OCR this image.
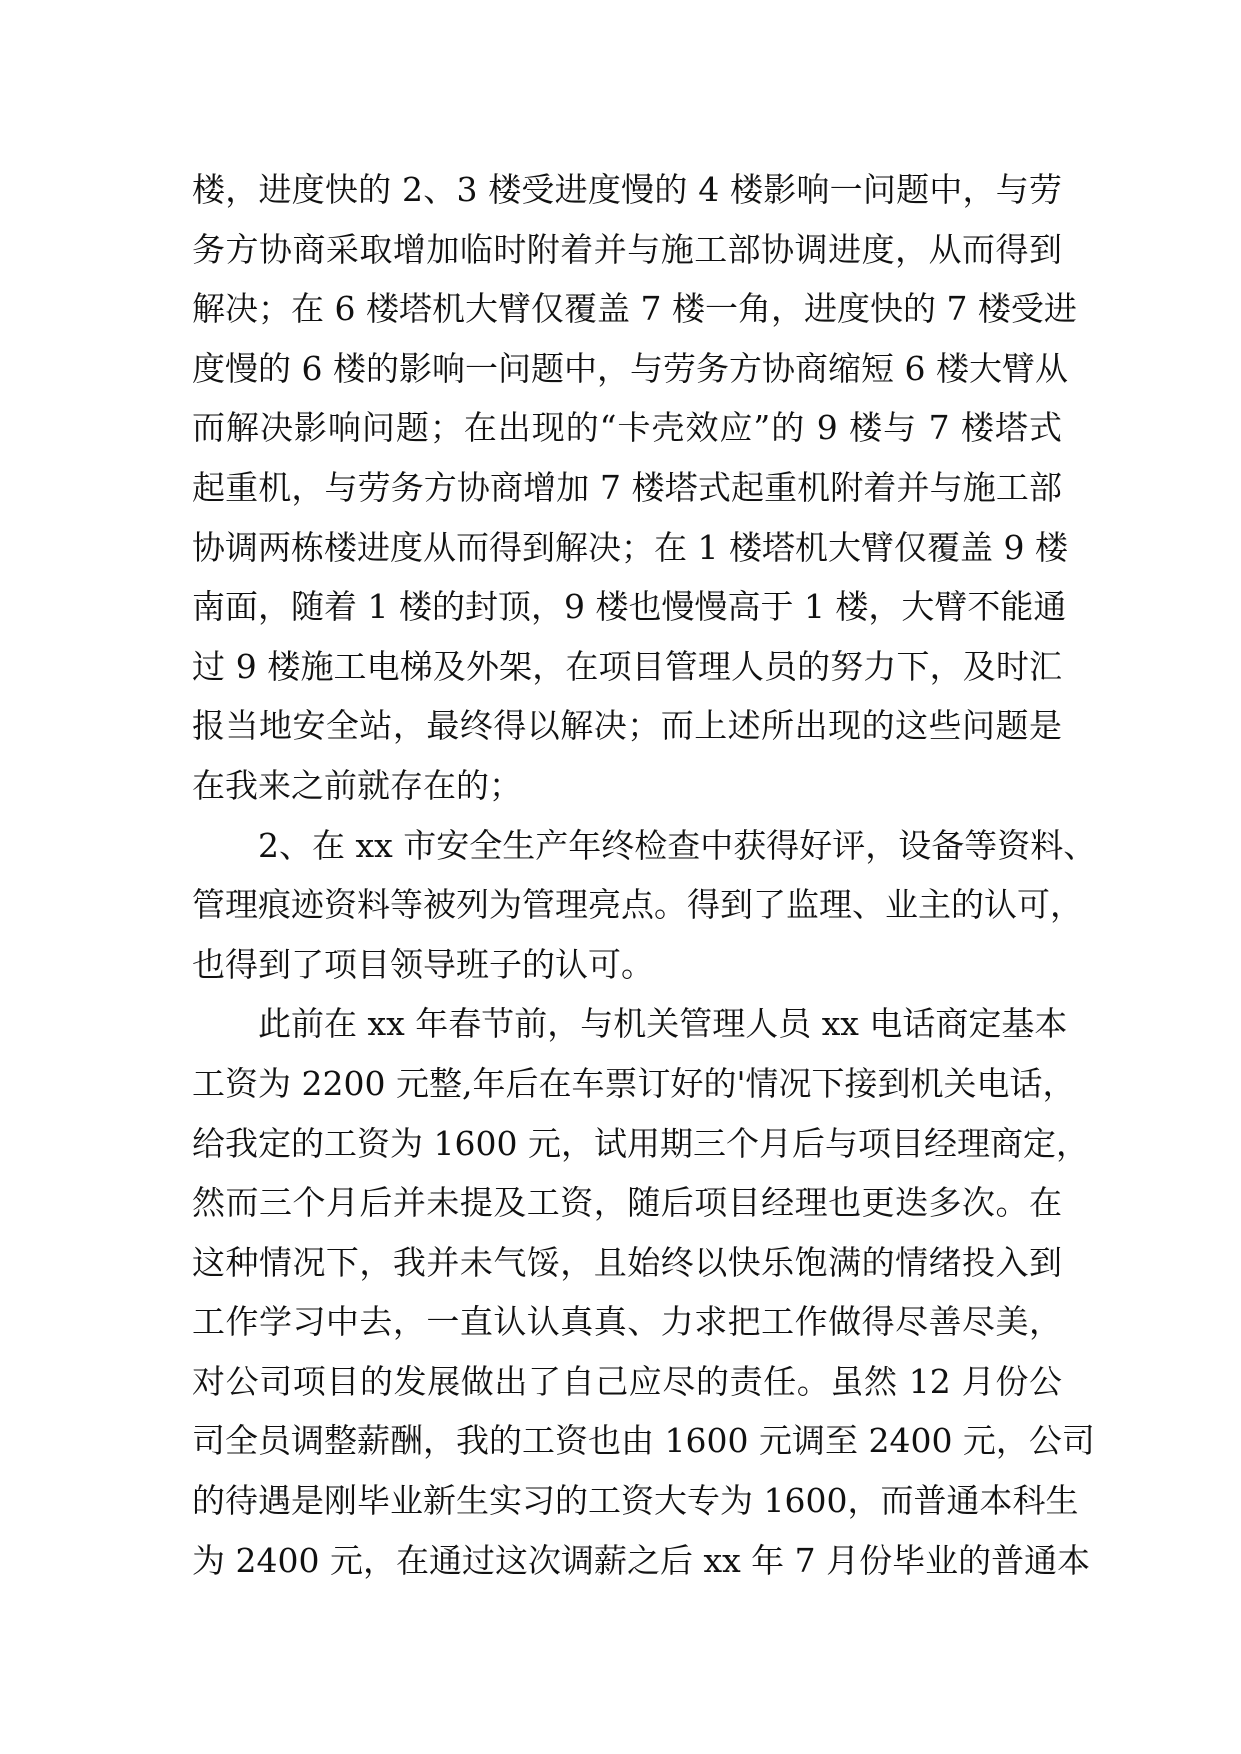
楼，进度快的 2、3 楼受进度慢的 4 楼影响一问题中，与劳
务方协商采取增加临时附着并与施工部协调进度，从而得到
解决；在 6 楼塔机大臂仅覆盖 7 楼一角，进度快的 7 楼受进
度慢的 6 楼的影响一问题中，与劳务方协商缩短 6 楼大臂从
而解决影响问题；在出现的“卡壳效应”的 9 楼与 7 楼塔式
起重机，与劳务方协商增加 7 楼塔式起重机附着并与施工部
协调两栋楼进度从而得到解决；在 1 楼塔机大臂仅覆盖 9 楼
南面，随着 1 楼的封顶，9 楼也慢慢高于 1 楼，大臂不能通
过 9 楼施工电梯及外架，在项目管理人员的努力下，及时汇
报当地安全站，最终得以解决；而上述所出现的这些问题是
在我来之前就存在的；
2、在 xx 市安全生产年终检查中获得好评，设备等资料、
管理痕迹资料等被列为管理亮点。得到了监理、业主的认可，
也得到了项目领导班子的认可。
此前在 xx 年春节前，与机关管理人员 xx 电话商定基本
工资为 2200 元整,年后在车票订好的'情况下接到机关电话，
给我定的工资为 1600 元，试用期三个月后与项目经理商定，
然而三个月后并未提及工资，随后项目经理也更迭多次。在
这种情况下，我并未气馁，且始终以快乐饱满的情绪投入到
工作学习中去，一直认认真真、力求把工作做得尽善尽美，
对公司项目的发展做出了自己应尽的责任。虽然 12 月份公
司全员调整薪酬，我的工资也由 1600 元调至 2400 元，公司
的待遇是刚毕业新生实习的工资大专为 1600，而普通本科生
为 2400 元，在通过这次调薪之后 xx 年 7 月份毕业的普通本
